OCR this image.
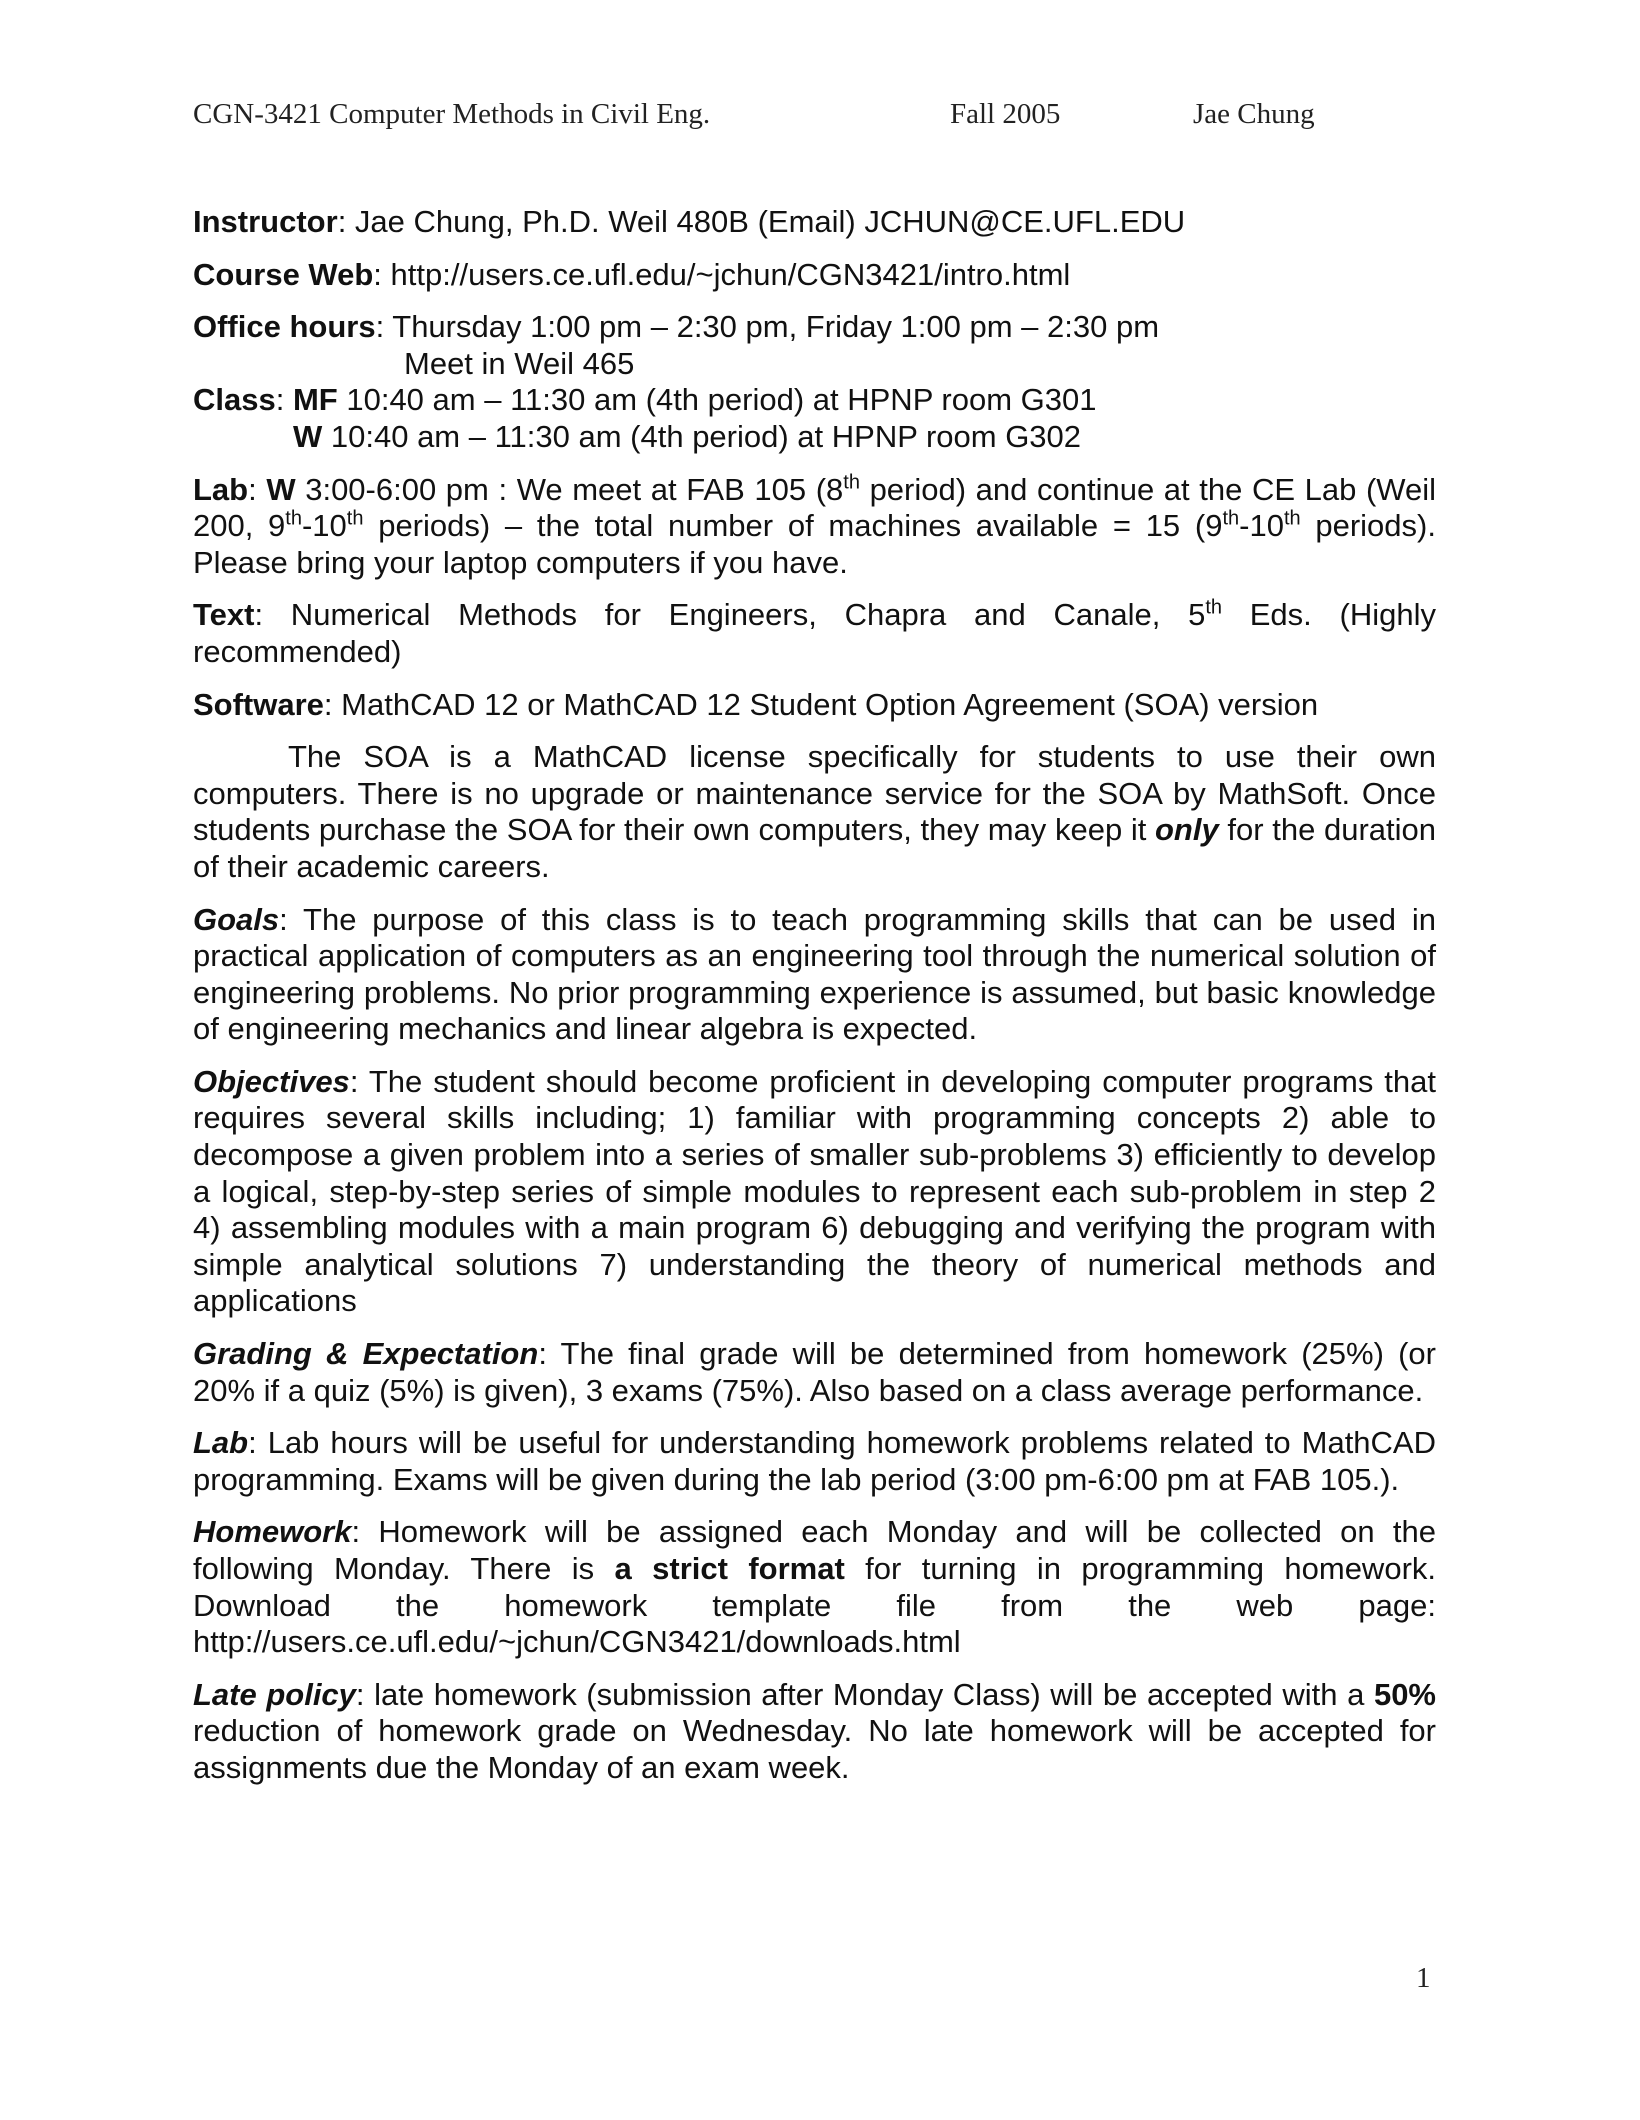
CGN-3421 Computer Methods in Civil Eng.	Fall 2005	Jae Chung

Instructor: Jae Chung, Ph.D. Weil 480B (Email) JCHUN@CE.UFL.EDU

Course Web: http://users.ce.ufl.edu/~jchun/CGN3421/intro.html

Office hours: Thursday 1:00 pm – 2:30 pm, Friday 1:00 pm – 2:30 pm

Meet in Weil 465

Class: MF 10:40 am – 11:30 am (4th period) at HPNP room G301

W 10:40 am – 11:30 am (4th period) at HPNP room G302

Lab: W 3:00-6:00 pm : We meet at FAB 105 (8th period) and continue at the CE Lab (Weil 200, 9th-10th periods) – the total number of machines available = 15 (9th-10th periods). Please bring your laptop computers if you have.

Text: Numerical Methods for Engineers, Chapra and Canale, 5th Eds. (Highly recommended)

Software: MathCAD 12 or MathCAD 12 Student Option Agreement (SOA) version

The SOA is a MathCAD license specifically for students to use their own computers. There is no upgrade or maintenance service for the SOA by MathSoft. Once students purchase the SOA for their own computers, they may keep it only for the duration of their academic careers.

Goals: The purpose of this class is to teach programming skills that can be used in practical application of computers as an engineering tool through the numerical solution of engineering problems. No prior programming experience is assumed, but basic knowledge of engineering mechanics and linear algebra is expected.

Objectives: The student should become proficient in developing computer programs that requires several skills including; 1) familiar with programming concepts 2) able to decompose a given problem into a series of smaller sub-problems 3) efficiently to develop a logical, step-by-step series of simple modules to represent each sub-problem in step 2 4) assembling modules with a main program 6) debugging and verifying the program with simple analytical solutions 7) understanding the theory of numerical methods and applications

Grading & Expectation: The final grade will be determined from homework (25%) (or 20% if a quiz (5%) is given), 3 exams (75%). Also based on a class average performance.

Lab: Lab hours will be useful for understanding homework problems related to MathCAD programming. Exams will be given during the lab period (3:00 pm-6:00 pm at FAB 105.).

Homework: Homework will be assigned each Monday and will be collected on the following Monday. There is a strict format for turning in programming homework. Download the homework template file from the web page: http://users.ce.ufl.edu/~jchun/CGN3421/downloads.html

Late policy: late homework (submission after Monday Class) will be accepted with a 50% reduction of homework grade on Wednesday. No late homework will be accepted for assignments due the Monday of an exam week.

1
